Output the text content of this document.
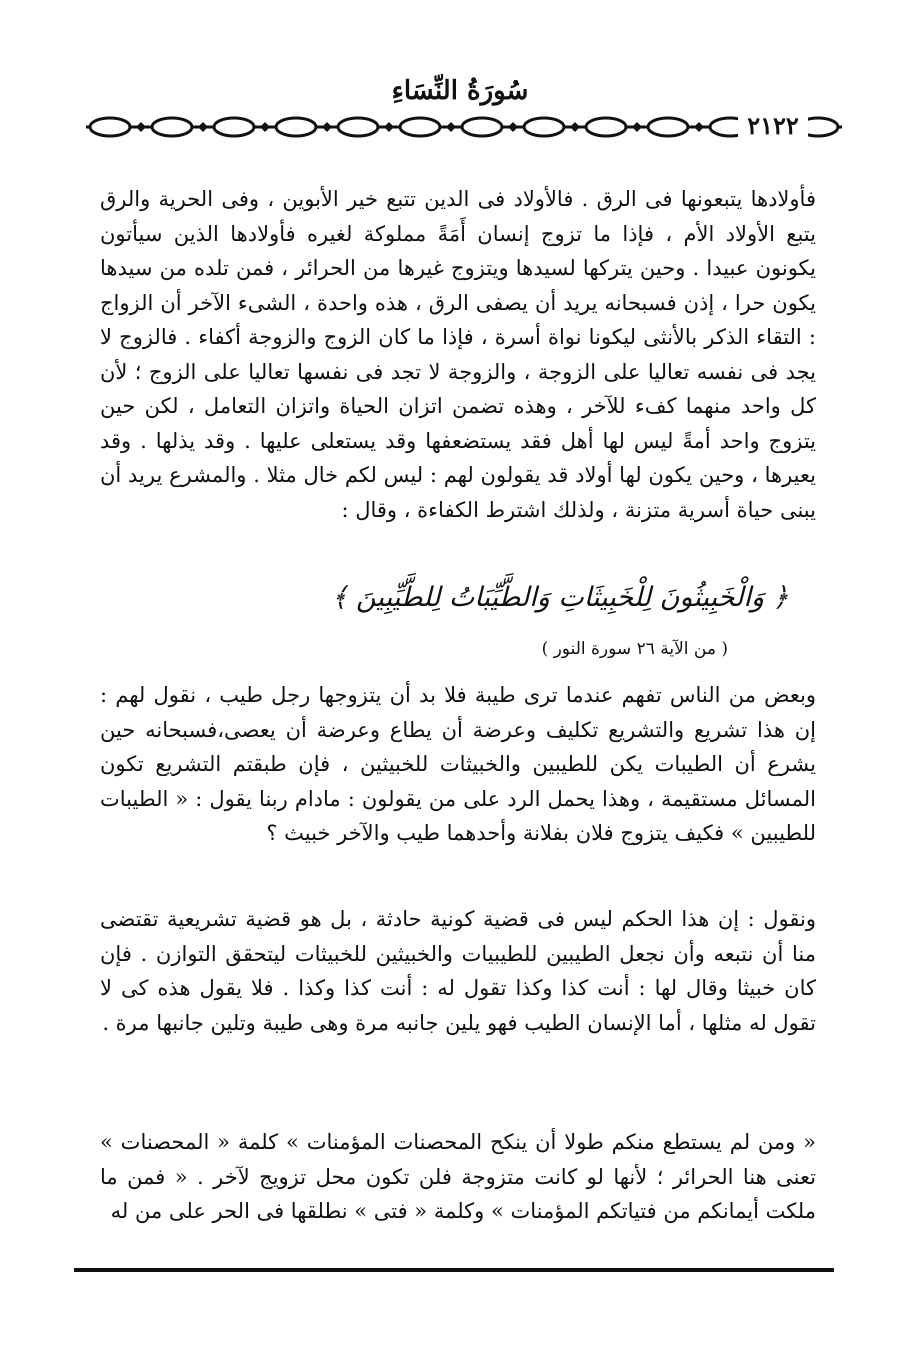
سُورَةُ النِّسَاءِ
٢١٢٢

فأولادها يتبعونها فى الرق . فالأولاد فى الدين تتبع خير الأبوين ، وفى الحرية والرق يتبع الأولاد الأم ، فإذا ما تزوج إنسان أَمَةً مملوكة لغيره فأولادها الذين سيأتون يكونون عبيدا . وحين يتركها لسيدها ويتزوج غيرها من الحرائر ، فمن تلده من سيدها يكون حرا ، إذن فسبحانه يريد أن يصفى الرق ، هذه واحدة ، الشىء الآخر أن الزواج : التقاء الذكر بالأنثى ليكونا نواة أسرة ، فإذا ما كان الزوج والزوجة أكفاء . فالزوج لا يجد فى نفسه تعاليا على الزوجة ، والزوجة لا تجد فى نفسها تعاليا على الزوج ؛ لأن كل واحد منهما كفء للآخر ، وهذه تضمن اتزان الحياة واتزان التعامل ، لكن حين يتزوج واحد أمةً ليس لها أهل فقد يستضعفها وقد يستعلى عليها . وقد يذلها . وقد يعيرها ، وحين يكون لها أولاد قد يقولون لهم : ليس لكم خال مثلا . والمشرع يريد أن يبنى حياة أسرية متزنة ، ولذلك اشترط الكفاءة ، وقال :

﴿ وَالْخَبِيثُونَ لِلْخَبِيثَاتِ وَالطَّيِّبَاتُ لِلطَّيِّبِينَ ﴾
( من الآية ٢٦ سورة النور )

وبعض من الناس تفهم عندما ترى طيبة فلا بد أن يتزوجها رجل طيب ، نقول لهم : إن هذا تشريع والتشريع تكليف وعرضة أن يطاع وعرضة أن يعصى،فسبحانه حين يشرع أن الطيبات يكن للطيبين والخبيثات للخبيثين ، فإن طبقتم التشريع تكون المسائل مستقيمة ، وهذا يحمل الرد على من يقولون : مادام ربنا يقول : « الطيبات للطيبين » فكيف يتزوج فلان بفلانة وأحدهما طيب والآخر خبيث ؟

ونقول : إن هذا الحكم ليس فى قضية كونية حادثة ، بل هو قضية تشريعية تقتضى منا أن نتبعه وأن نجعل الطيبين للطيبيات والخبيثين للخبيثات ليتحقق التوازن . فإن كان خبيثا وقال لها : أنت كذا وكذا تقول له : أنت كذا وكذا . فلا يقول هذه كى لا تقول له مثلها ، أما الإنسان الطيب فهو يلين جانبه مرة وهى طيبة وتلين جانبها مرة .

« ومن لم يستطع منكم طولا أن ينكح المحصنات المؤمنات » كلمة « المحصنات » تعنى هنا الحرائر ؛ لأنها لو كانت متزوجة فلن تكون محل تزويج لآخر . « فمن ما ملكت أيمانكم من فتياتكم المؤمنات » وكلمة « فتى » نطلقها فى الحر على من له
